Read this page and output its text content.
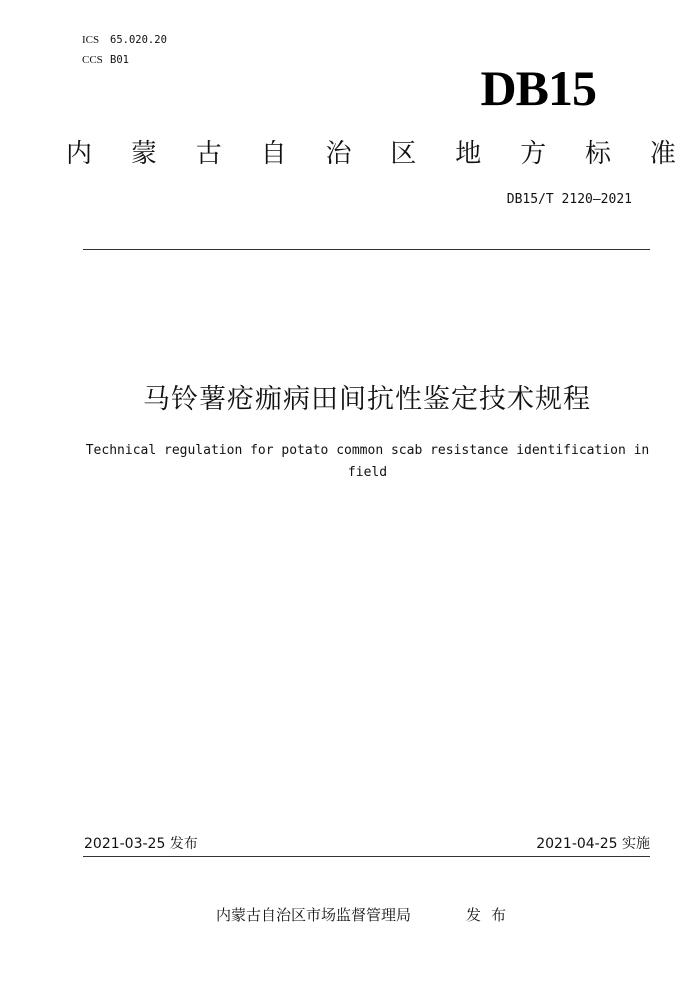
ICS 65.020.20
CCS B01	DB15
内 蒙 古 自 治 区 地 方 标 准
DB15/T 2120—2021
马铃薯疮痂病田间抗性鉴定技术规程
Technical regulation for potato common scab resistance identification in field
2021-03-25 发布	2021-04-25 实施
内蒙古自治区市场监督管理局	发布
